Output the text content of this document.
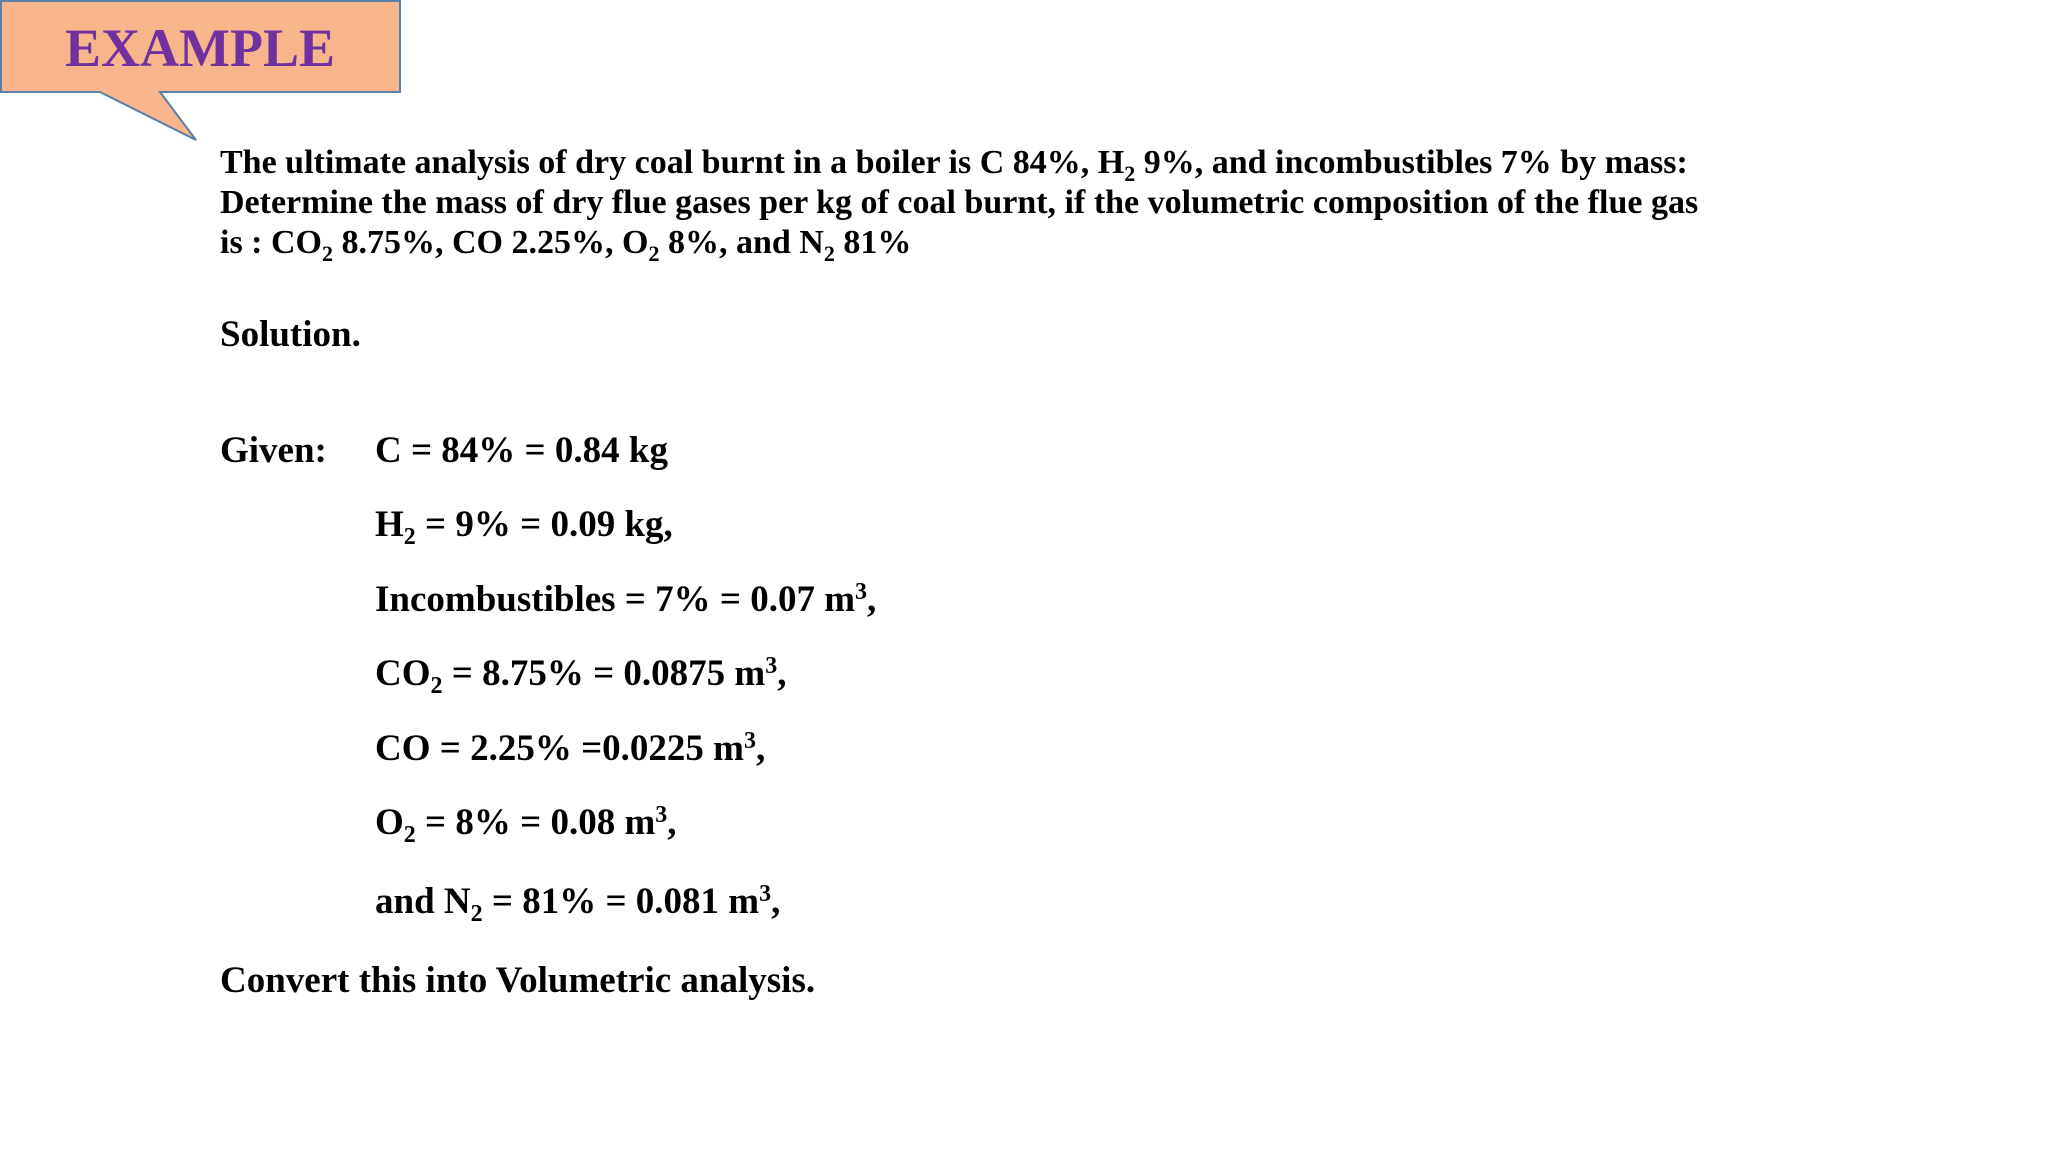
EXAMPLE
The ultimate analysis of dry coal burnt in a boiler is C 84%, $H_2$ 9%, and incombustibles 7% by mass:
Determine the mass of dry flue gases per kg of coal burnt, if the volumetric composition of the flue gas
is : $CO_2$ 8.75%, CO 2.25%, $O_2$ 8%, and $N_2$ 81%
Solution.
Given: C = 84% = 0.84 kg
$H_2 = 9\% = 0.09$ kg,
Incombustibles = 7% = 0.07 $m^3$,
$CO_2 = 8.75\% = 0.0875$ $m^3$,
CO = 2.25% =0.0225 $m^3$,
$O_2 = 8\% = 0.08$ $m^3$,
and $N_2 = 81\% = 0.081$ $m^3$,
Convert this into Volumetric analysis.
